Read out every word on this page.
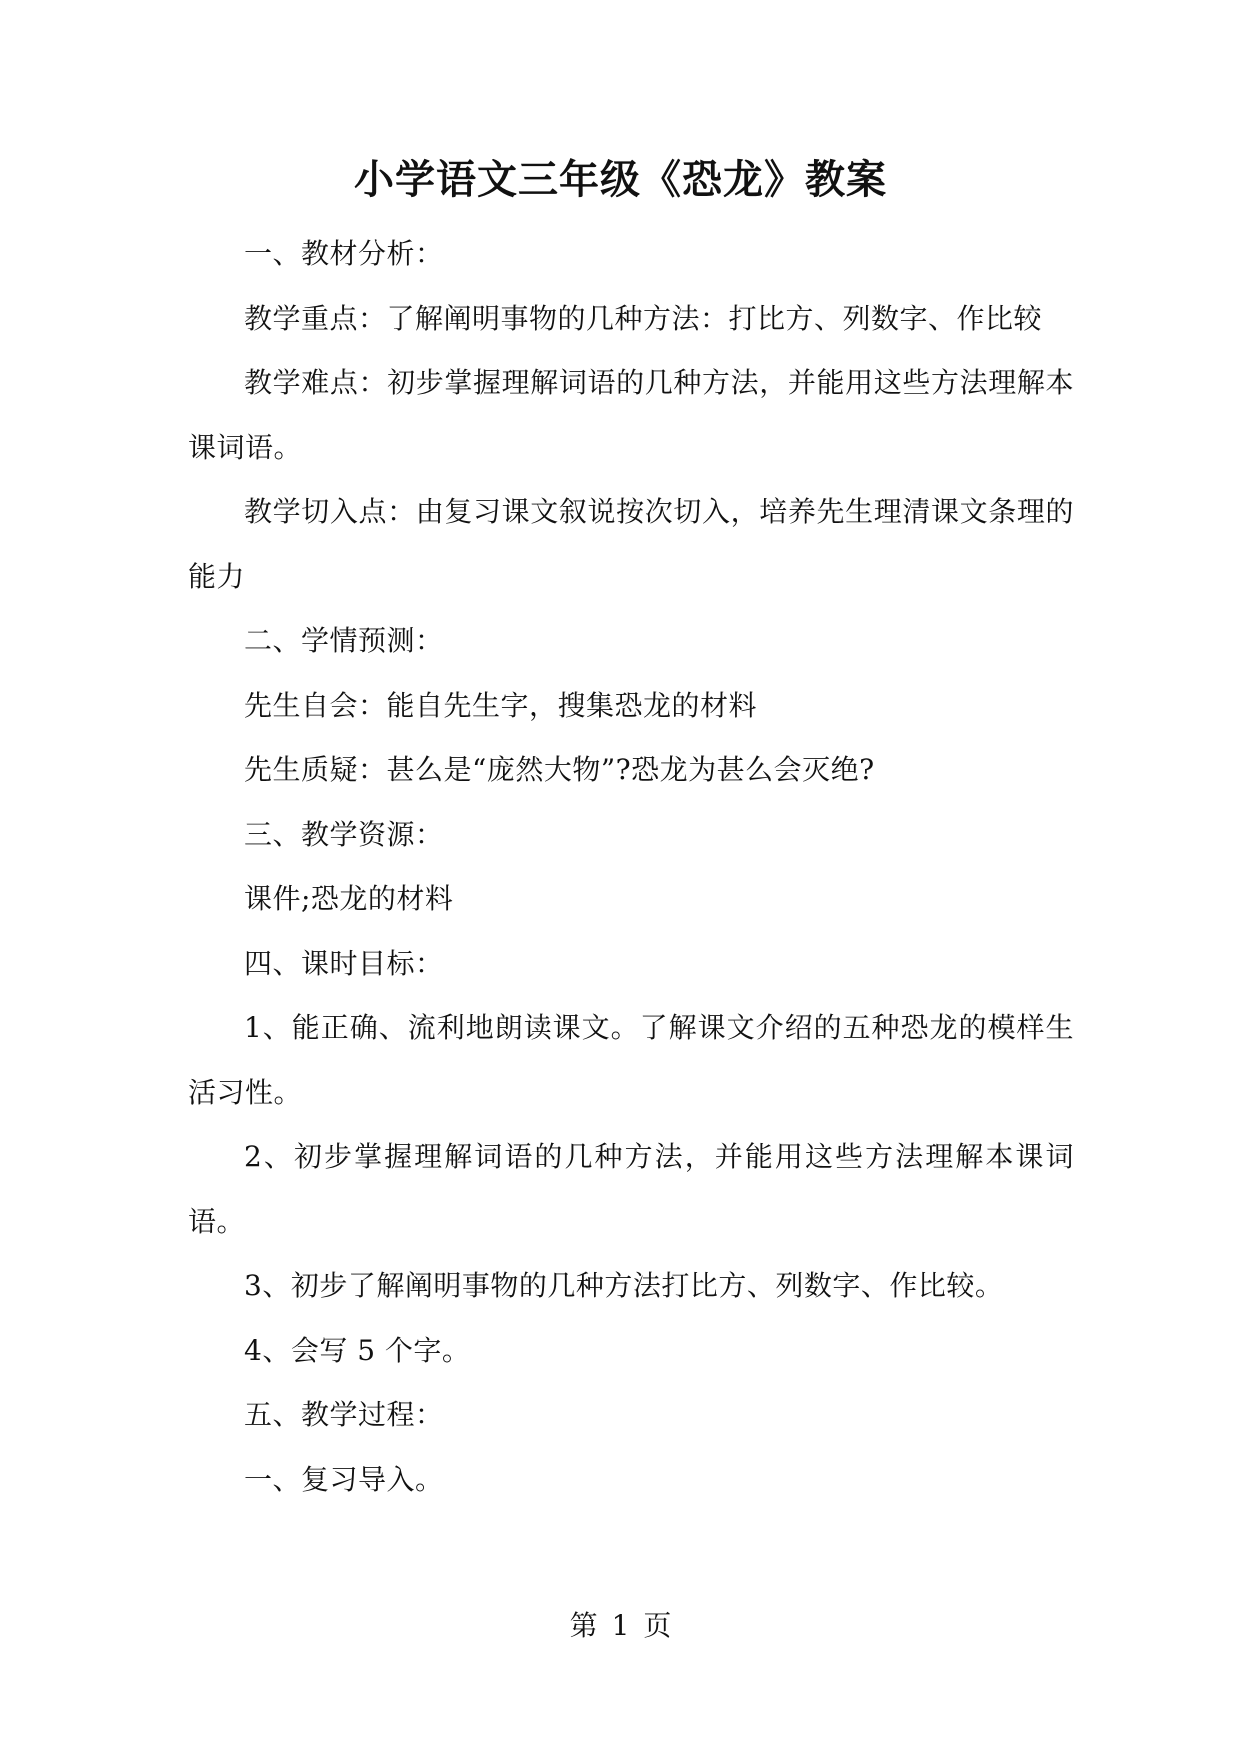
小学语文三年级《恐龙》教案

一、教材分析：

教学重点：了解阐明事物的几种方法：打比方、列数字、作比较

教学难点：初步掌握理解词语的几种方法，并能用这些方法理解本课词语。

教学切入点：由复习课文叙说按次切入，培养先生理清课文条理的能力

二、学情预测：

先生自会：能自先生字，搜集恐龙的材料

先生质疑：甚么是“庞然大物”?恐龙为甚么会灭绝?

三、教学资源：

课件;恐龙的材料

四、课时目标：

1、能正确、流利地朗读课文。了解课文介绍的五种恐龙的模样生活习性。

2、初步掌握理解词语的几种方法，并能用这些方法理解本课词语。

3、初步了解阐明事物的几种方法打比方、列数字、作比较。

4、会写 5 个字。

五、教学过程：

一、复习导入。

第 1 页
